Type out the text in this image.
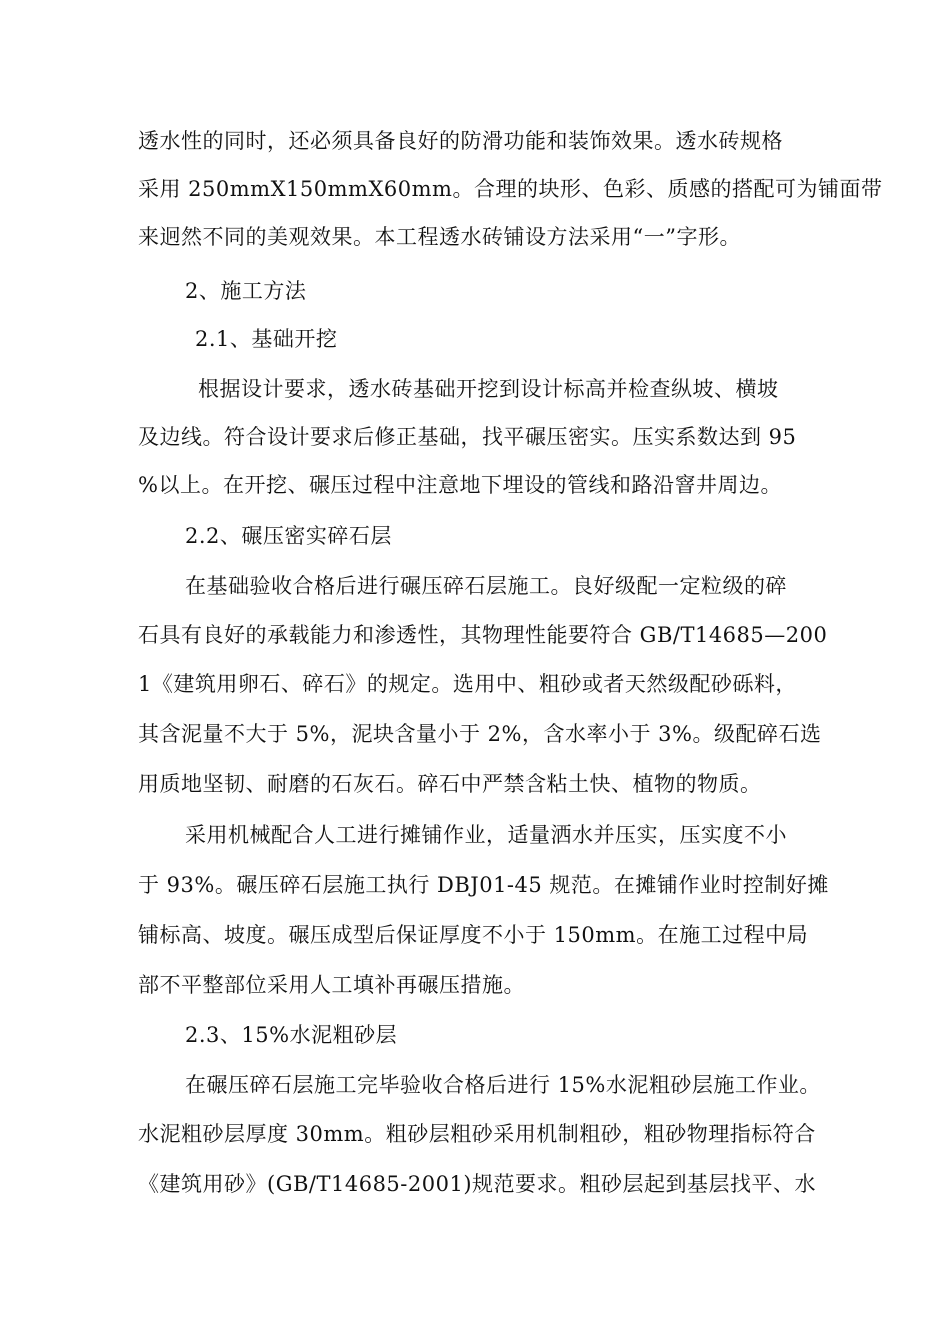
透水性的同时，还必须具备良好的防滑功能和装饰效果。透水砖规格
采用 250mmX150mmX60mm。合理的块形、色彩、质感的搭配可为铺面带
来迥然不同的美观效果。本工程透水砖铺设方法采用“一”字形。
2、施工方法
2.1、基础开挖
根据设计要求，透水砖基础开挖到设计标高并检查纵坡、横坡
及边线。符合设计要求后修正基础，找平碾压密实。压实系数达到 95
%以上。在开挖、碾压过程中注意地下埋设的管线和路沿窨井周边。
2.2、碾压密实碎石层
在基础验收合格后进行碾压碎石层施工。良好级配一定粒级的碎
石具有良好的承载能力和渗透性，其物理性能要符合 GB/T14685—200
1《建筑用卵石、碎石》的规定。选用中、粗砂或者天然级配砂砾料，
其含泥量不大于 5%，泥块含量小于 2%，含水率小于 3%。级配碎石选
用质地坚韧、耐磨的石灰石。碎石中严禁含粘土快、植物的物质。
采用机械配合人工进行摊铺作业，适量洒水并压实，压实度不小
于 93%。碾压碎石层施工执行 DBJ01-45 规范。在摊铺作业时控制好摊
铺标高、坡度。碾压成型后保证厚度不小于 150mm。在施工过程中局
部不平整部位采用人工填补再碾压措施。
2.3、15%水泥粗砂层
在碾压碎石层施工完毕验收合格后进行 15%水泥粗砂层施工作业。
水泥粗砂层厚度 30mm。粗砂层粗砂采用机制粗砂，粗砂物理指标符合
《建筑用砂》(GB/T14685-2001)规范要求。粗砂层起到基层找平、水
